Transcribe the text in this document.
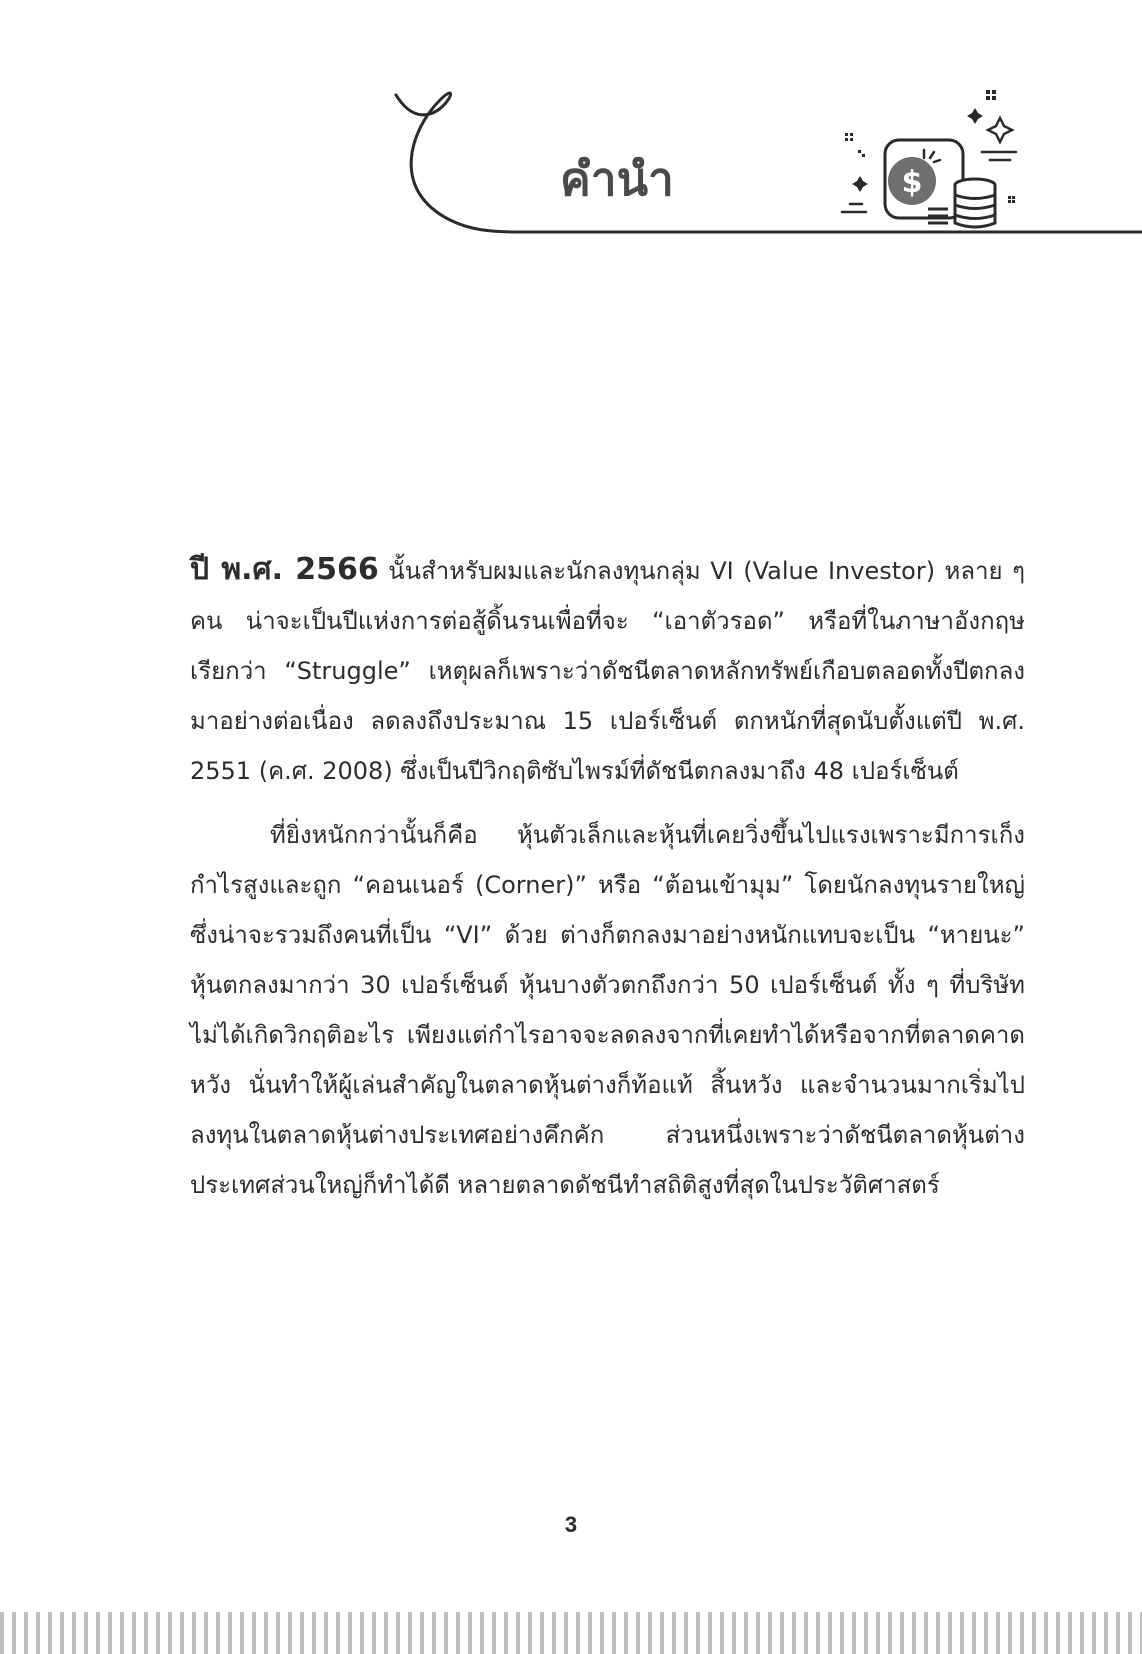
$
คำนำ

ปี พ.ศ. 2566 นั้นสำหรับผมและนักลงทุนกลุ่ม VI (Value Investor) หลาย ๆ คน น่าจะเป็นปีแห่งการต่อสู้ดิ้นรนเพื่อที่จะ “เอาตัวรอด” หรือที่ในภาษาอังกฤษเรียกว่า “Struggle” เหตุผลก็เพราะว่าดัชนีตลาดหลักทรัพย์เกือบตลอดทั้งปีตกลงมาอย่างต่อเนื่อง ลดลงถึงประมาณ 15 เปอร์เซ็นต์ ตกหนักที่สุดนับตั้งแต่ปี พ.ศ. 2551 (ค.ศ. 2008) ซึ่งเป็นปีวิกฤติซับไพรม์ที่ดัชนีตกลงมาถึง 48 เปอร์เซ็นต์

ที่ยิ่งหนักกว่านั้นก็คือ หุ้นตัวเล็กและหุ้นที่เคยวิ่งขึ้นไปแรงเพราะมีการเก็งกำไรสูงและถูก “คอนเนอร์ (Corner)” หรือ “ต้อนเข้ามุม” โดยนักลงทุนรายใหญ่ซึ่งน่าจะรวมถึงคนที่เป็น “VI” ด้วย ต่างก็ตกลงมาอย่างหนักแทบจะเป็น “หายนะ” หุ้นตกลงมากว่า 30 เปอร์เซ็นต์ หุ้นบางตัวตกถึงกว่า 50 เปอร์เซ็นต์ ทั้ง ๆ ที่บริษัทไม่ได้เกิดวิกฤติอะไร เพียงแต่กำไรอาจจะลดลงจากที่เคยทำได้หรือจากที่ตลาดคาดหวัง นั่นทำให้ผู้เล่นสำคัญในตลาดหุ้นต่างก็ท้อแท้ สิ้นหวัง และจำนวนมากเริ่มไปลงทุนในตลาดหุ้นต่างประเทศอย่างคึกคัก ส่วนหนึ่งเพราะว่าดัชนีตลาดหุ้นต่างประเทศส่วนใหญ่ก็ทำได้ดี หลายตลาดดัชนีทำสถิติสูงที่สุดในประวัติศาสตร์

3
